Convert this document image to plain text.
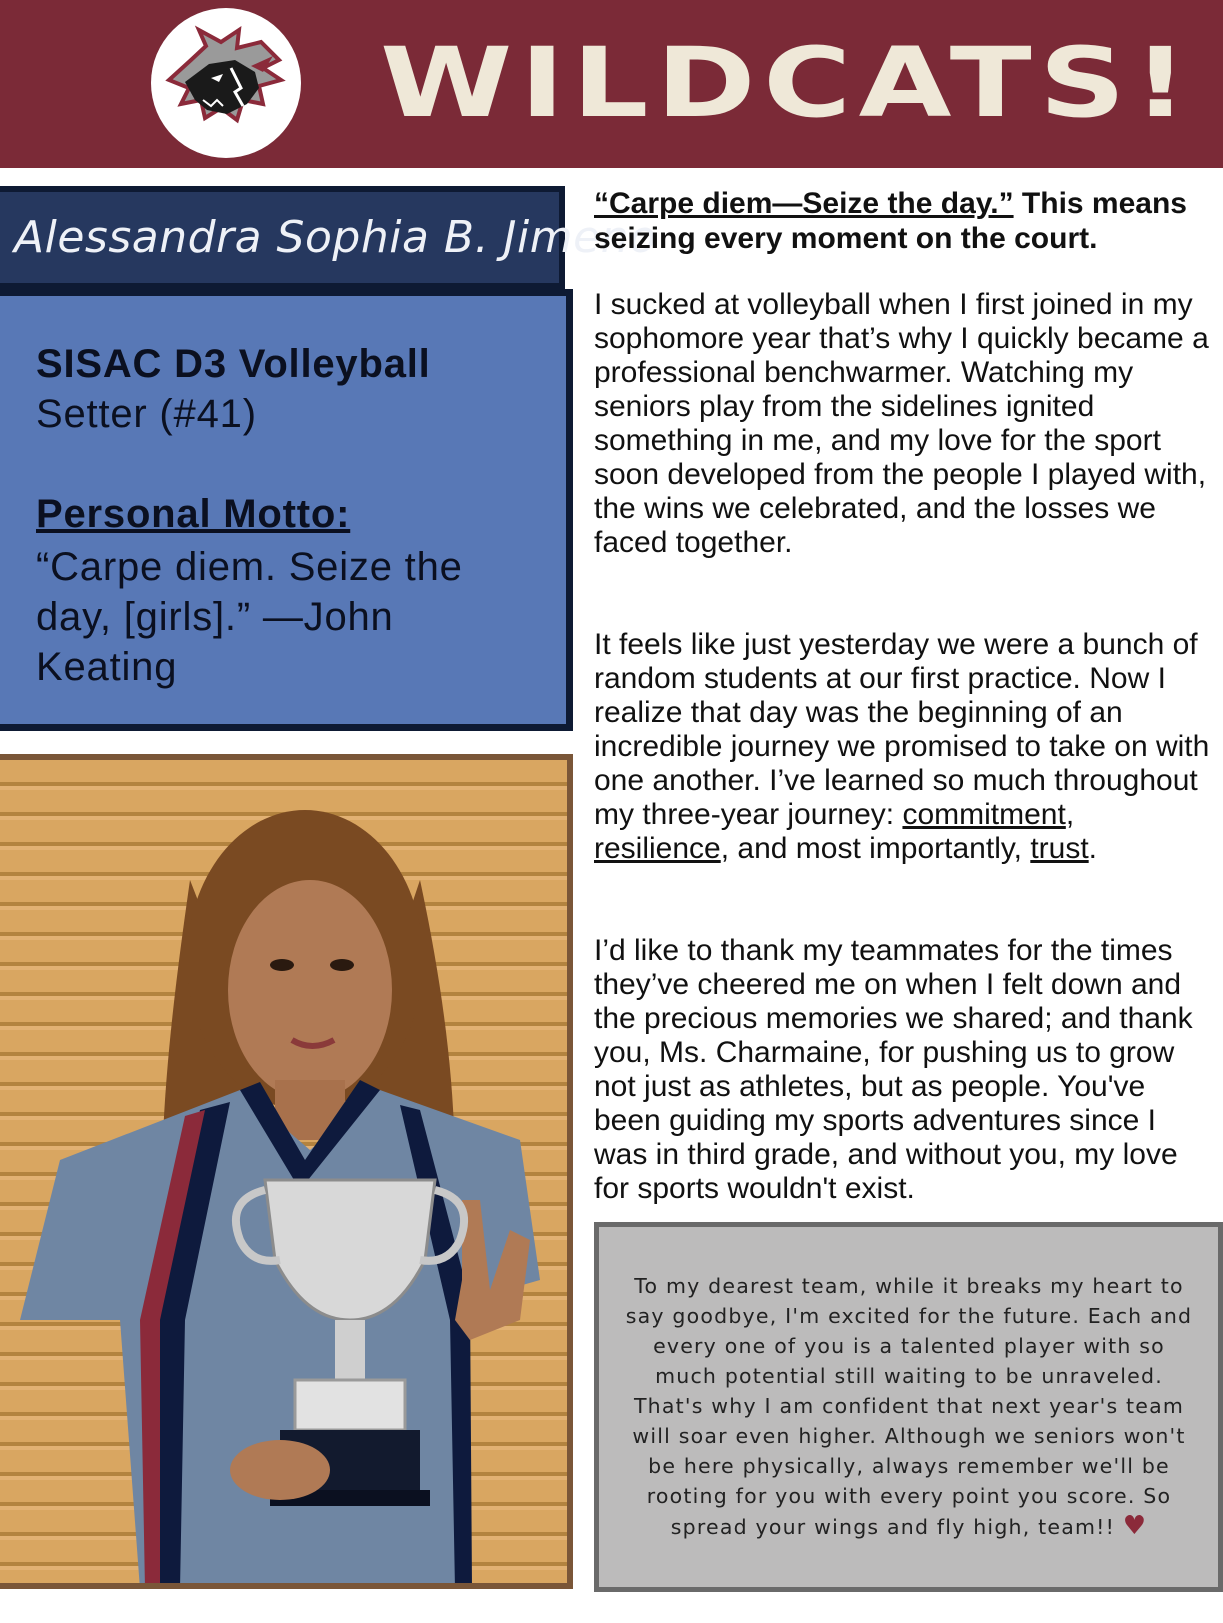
WILDCATS!
Alessandra Sophia B. Jimeno
SISAC D3 Volleyball
Setter (#41)
Personal Motto:
“Carpe diem. Seize the day, [girls].” —John Keating
“Carpe diem—Seize the day.” This means seizing every moment on the court.
I sucked at volleyball when I first joined in my sophomore year that’s why I quickly became a professional benchwarmer. Watching my seniors play from the sidelines ignited something in me, and my love for the sport soon developed from the people I played with, the wins we celebrated, and the losses we faced together.
It feels like just yesterday we were a bunch of random students at our first practice. Now I realize that day was the beginning of an incredible journey we promised to take on with one another. I’ve learned so much throughout my three-year journey: commitment, resilience, and most importantly, trust.
I’d like to thank my teammates for the times they’ve cheered me on when I felt down and the precious memories we shared; and thank you, Ms. Charmaine, for pushing us to grow not just as athletes, but as people. You've been guiding my sports adventures since I was in third grade, and without you, my love for sports wouldn't exist.
To my dearest team, while it breaks my heart to say goodbye, I'm excited for the future. Each and every one of you is a talented player with so much potential still waiting to be unraveled. That's why I am confident that next year's team will soar even higher. Although we seniors won't be here physically, always remember we'll be rooting for you with every point you score. So spread your wings and fly high, team!! ♥
